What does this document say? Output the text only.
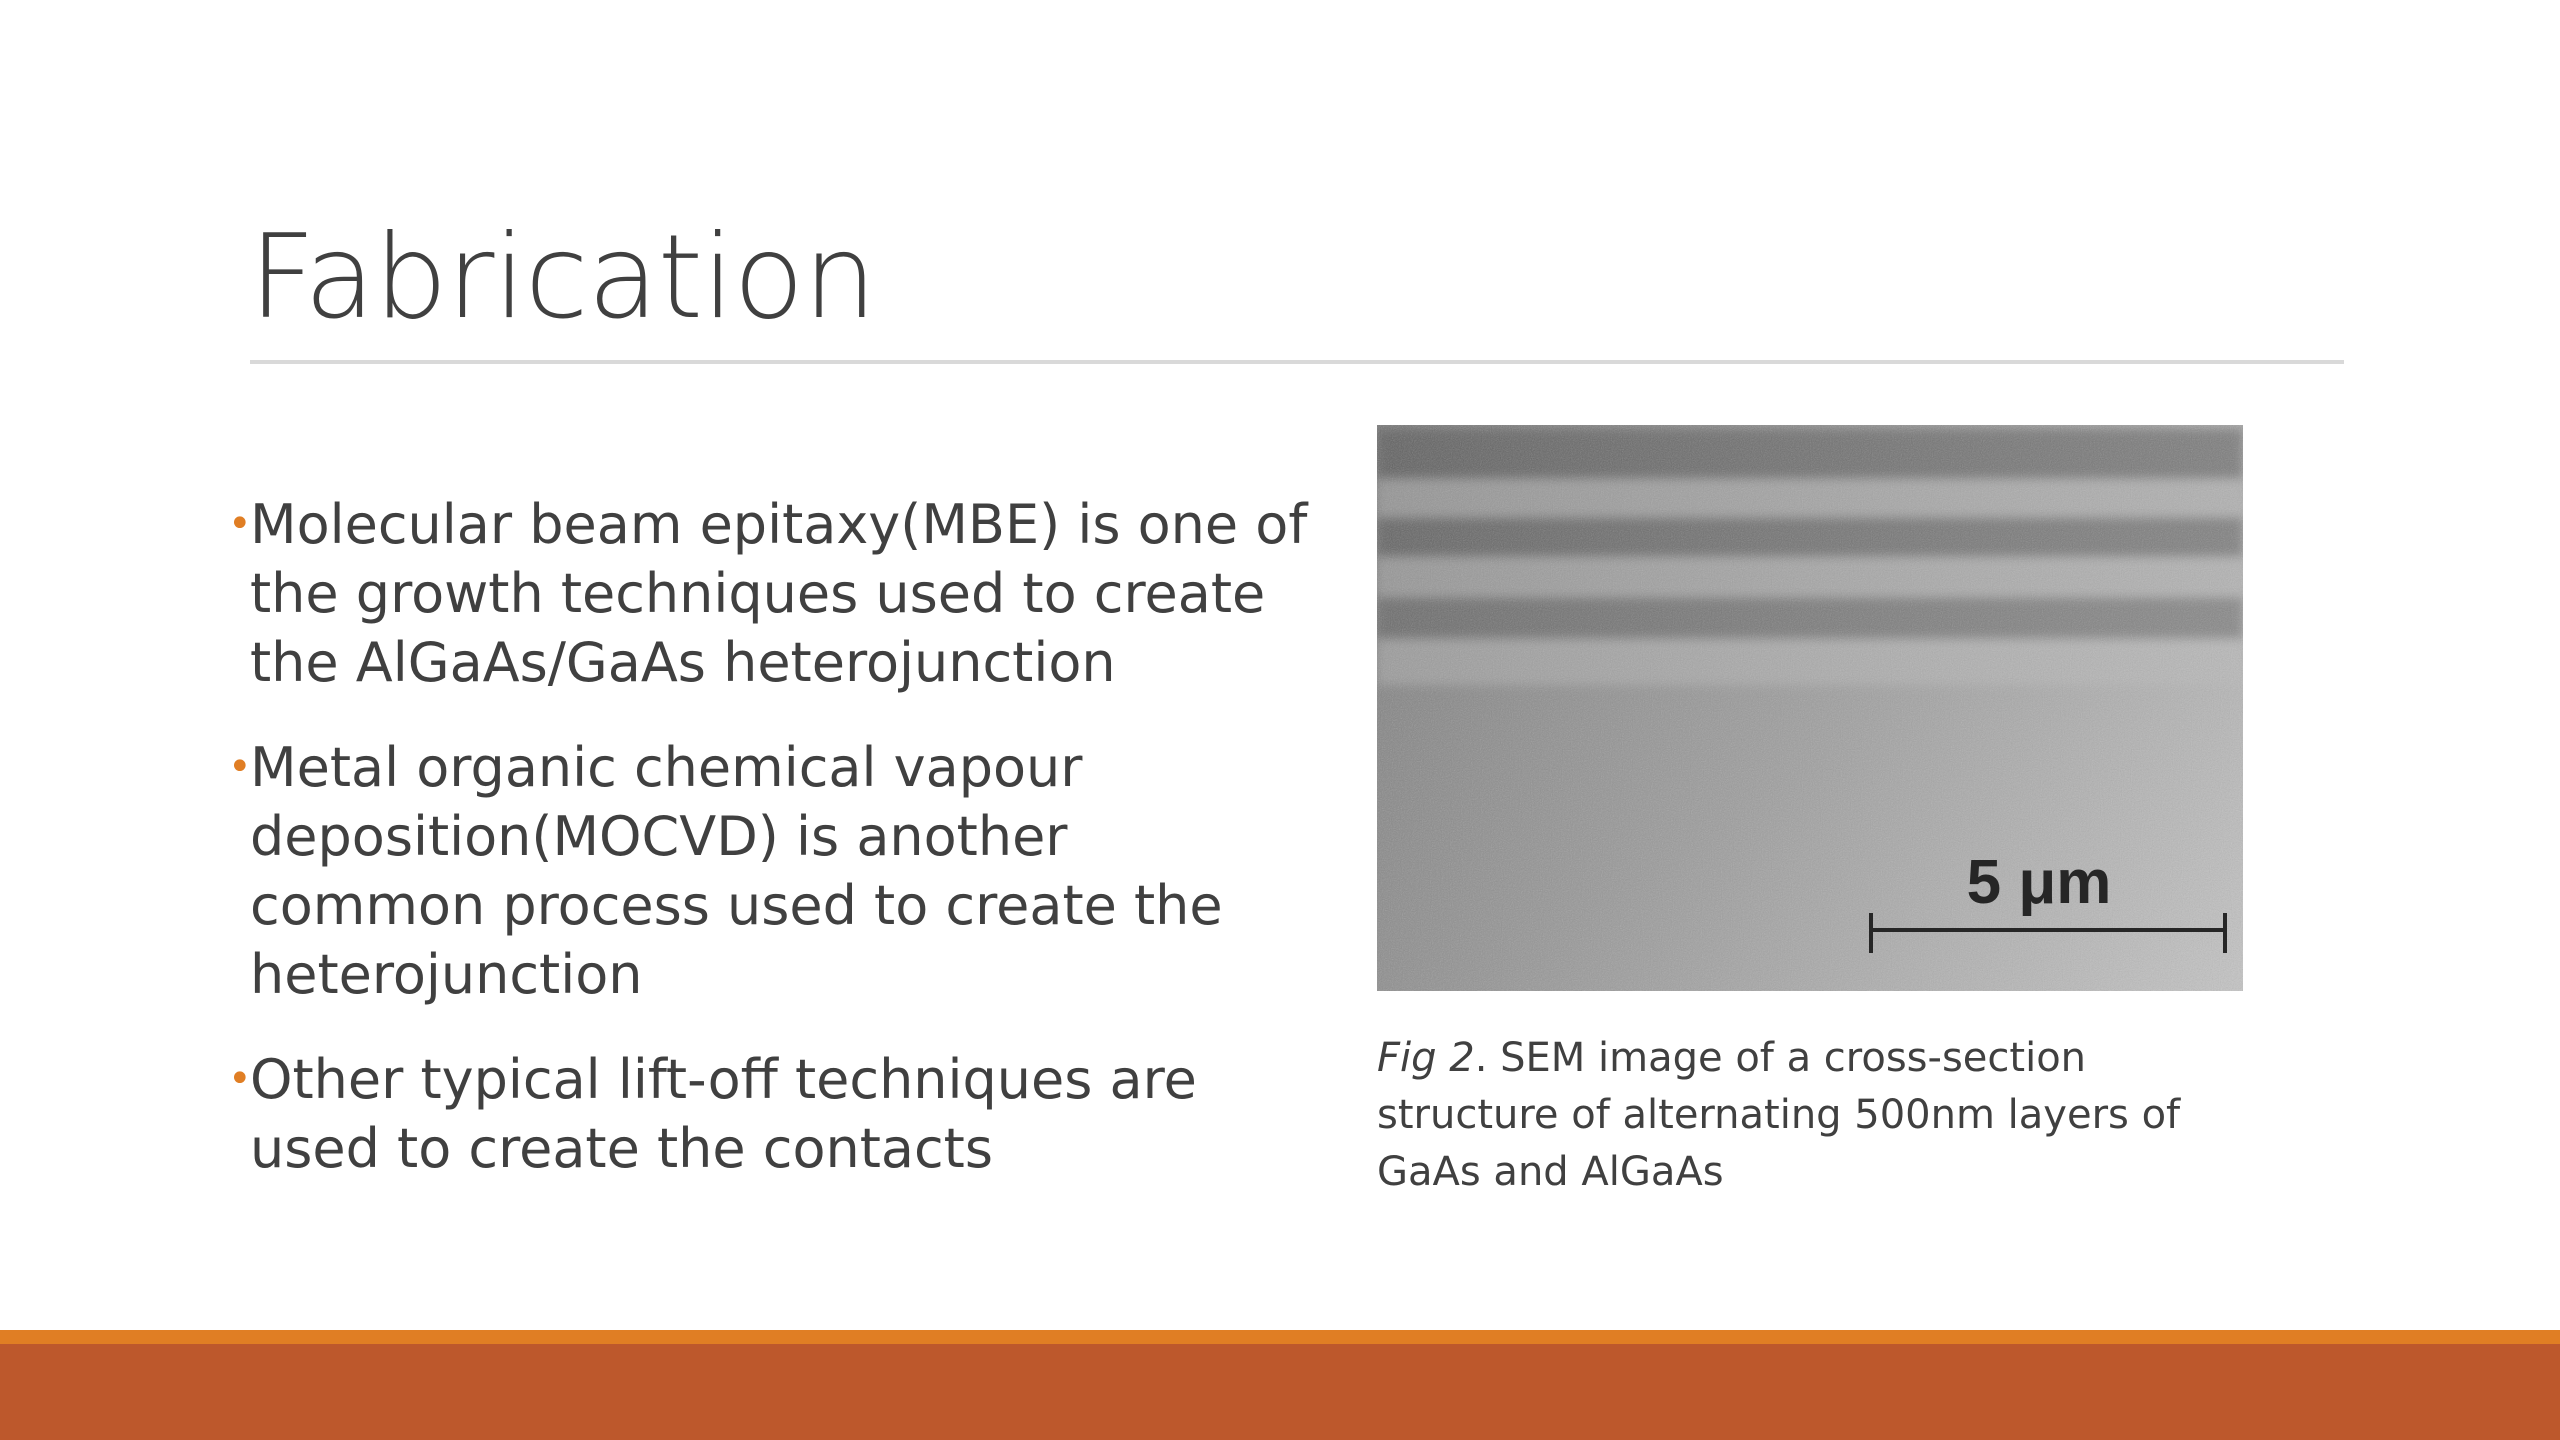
Fabrication
•
Molecular beam epitaxy(MBE) is one of the growth techniques used to create the AlGaAs/GaAs heterojunction
•
Metal organic chemical vapour deposition(MOCVD) is another common process used to create the heterojunction
•
Other typical lift-off techniques are used to create the contacts
5 μm
Fig 2. SEM image of a cross-section structure of alternating 500nm layers of GaAs and AlGaAs
